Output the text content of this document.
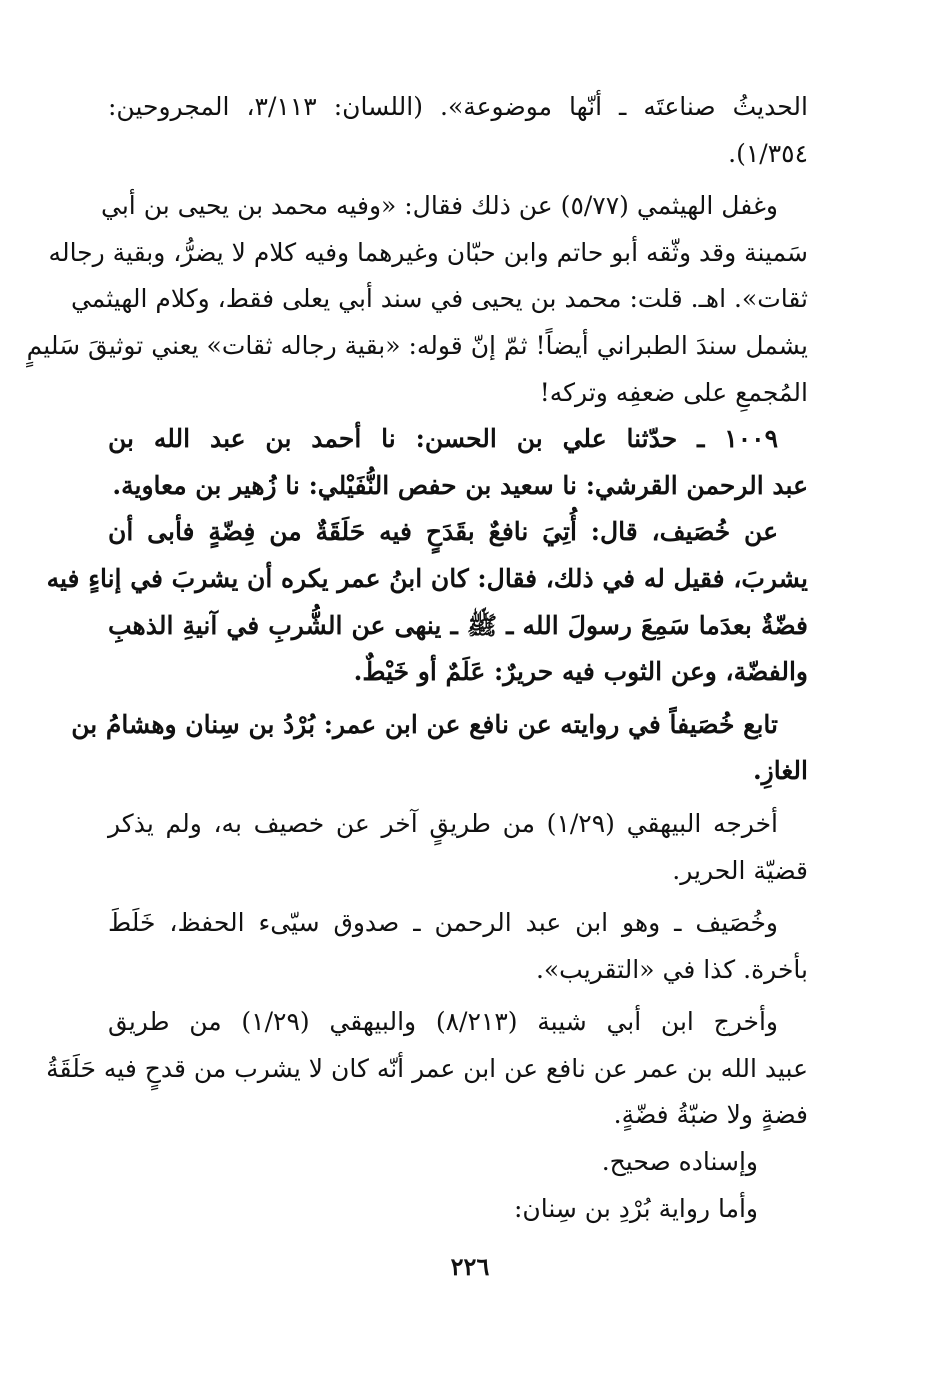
الحديثُ صناعتَه ـ أنّها موضوعة». (اللسان: ٣/١١٣، المجروحين:
١/٣٥٤).
وغفل الهيثمي (٥/٧٧) عن ذلك فقال: «وفيه محمد بن يحيى بن أبي
سَمينة وقد وثّقه أبو حاتم وابن حبّان وغيرهما وفيه كلام لا يضرُّ، وبقية رجاله
ثقات». اهـ. قلت: محمد بن يحيى في سند أبي يعلى فقط، وكلام الهيثمي
يشمل سندَ الطبراني أيضاً! ثمّ إنّ قوله: «بقية رجاله ثقات» يعني توثيقَ سَليمٍ
المُجمعِ على ضعفِه وتركه!
١٠٠٩ ـ حدّثنا علي بن الحسن: نا أحمد بن عبد الله بن
عبد الرحمن القرشي: نا سعيد بن حفص النُّفَيْلي: نا زُهير بن معاوية.
عن خُصَيف، قال: أُتِيَ نافعٌ بقَدَحٍ فيه حَلَقَةٌ من فِضّةٍ فأبى أن
يشربَ، فقيل له في ذلك، فقال: كان ابنُ عمر يكره أن يشربَ في إناءٍ فيه
فضّةٌ بعدَما سَمِعَ رسولَ الله ـ ﷺ ـ ينهى عن الشُّربِ في آنيةِ الذهبِ
والفضّة، وعن الثوب فيه حريرٌ: عَلَمٌ أو خَيْطٌ.
تابع خُصَيفاً في روايته عن نافع عن ابن عمر: بُرْدُ بن سِنان وهشامُ بن
الغازِ.
أخرجه البيهقي (١/٢٩) من طريقٍ آخر عن خصيف به، ولم يذكر
قضيّة الحرير.
وخُصَيف ـ وهو ابن عبد الرحمن ـ صدوق سيّىء الحفظ، خَلَطَ
بأخرة. كذا في «التقريب».
وأخرج ابن أبي شيبة (٨/٢١٣) والبيهقي (١/٢٩) من طريق
عبيد الله بن عمر عن نافع عن ابن عمر أنّه كان لا يشرب من قدحٍ فيه حَلَقَةُ
فضةٍ ولا ضبّةُ فضّةٍ.
وإسناده صحيح.
وأما رواية بُرْدِ بن سِنان:
٢٢٦
